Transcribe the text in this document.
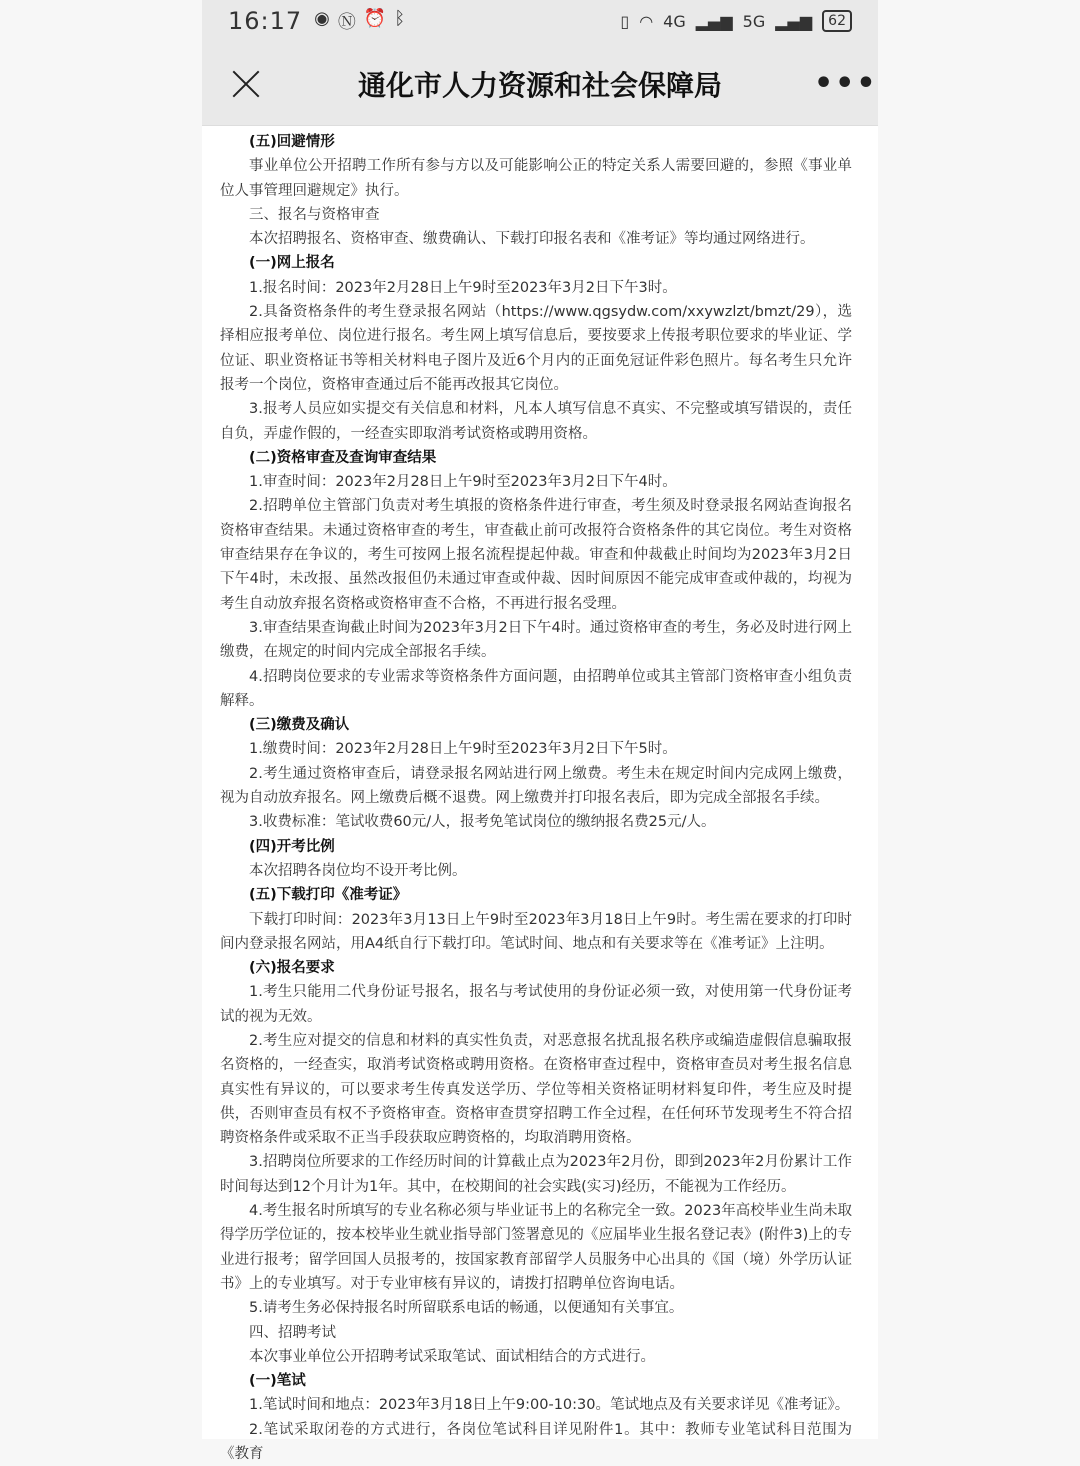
16:17 ◉ Ⓝ ⏰ ᛒ	▯ ◠ 4G ▂▄▆ 5G ▂▄▆	62
通化市人力资源和社会保障局	•••

(五)回避情形

事业单位公开招聘工作所有参与方以及可能影响公正的特定关系人需要回避的，参照《事业单位人事管理回避规定》执行。

三、报名与资格审查

本次招聘报名、资格审查、缴费确认、下载打印报名表和《准考证》等均通过网络进行。

(一)网上报名

1.报名时间：2023年2月28日上午9时至2023年3月2日下午3时。

2.具备资格条件的考生登录报名网站（https://www.qgsydw.com/xxywzlzt/bmzt/29），选择相应报考单位、岗位进行报名。考生网上填写信息后，要按要求上传报考职位要求的毕业证、学位证、职业资格证书等相关材料电子图片及近6个月内的正面免冠证件彩色照片。每名考生只允许报考一个岗位，资格审查通过后不能再改报其它岗位。

3.报考人员应如实提交有关信息和材料，凡本人填写信息不真实、不完整或填写错误的，责任自负，弄虚作假的，一经查实即取消考试资格或聘用资格。

(二)资格审查及查询审查结果

1.审查时间：2023年2月28日上午9时至2023年3月2日下午4时。

2.招聘单位主管部门负责对考生填报的资格条件进行审查，考生须及时登录报名网站查询报名资格审查结果。未通过资格审查的考生，审查截止前可改报符合资格条件的其它岗位。考生对资格审查结果存在争议的，考生可按网上报名流程提起仲裁。审查和仲裁截止时间均为2023年3月2日下午4时，未改报、虽然改报但仍未通过审查或仲裁、因时间原因不能完成审查或仲裁的，均视为考生自动放弃报名资格或资格审查不合格，不再进行报名受理。

3.审查结果查询截止时间为2023年3月2日下午4时。通过资格审查的考生，务必及时进行网上缴费，在规定的时间内完成全部报名手续。

4.招聘岗位要求的专业需求等资格条件方面问题，由招聘单位或其主管部门资格审查小组负责解释。

(三)缴费及确认

1.缴费时间：2023年2月28日上午9时至2023年3月2日下午5时。

2.考生通过资格审查后，请登录报名网站进行网上缴费。考生未在规定时间内完成网上缴费，视为自动放弃报名。网上缴费后概不退费。网上缴费并打印报名表后，即为完成全部报名手续。

3.收费标准：笔试收费60元/人，报考免笔试岗位的缴纳报名费25元/人。

(四)开考比例

本次招聘各岗位均不设开考比例。

(五)下载打印《准考证》

下载打印时间：2023年3月13日上午9时至2023年3月18日上午9时。考生需在要求的打印时间内登录报名网站，用A4纸自行下载打印。笔试时间、地点和有关要求等在《准考证》上注明。

(六)报名要求

1.考生只能用二代身份证号报名，报名与考试使用的身份证必须一致，对使用第一代身份证考试的视为无效。

2.考生应对提交的信息和材料的真实性负责，对恶意报名扰乱报名秩序或编造虚假信息骗取报名资格的，一经查实，取消考试资格或聘用资格。在资格审查过程中，资格审查员对考生报名信息真实性有异议的，可以要求考生传真发送学历、学位等相关资格证明材料复印件，考生应及时提供，否则审查员有权不予资格审查。资格审查贯穿招聘工作全过程，在任何环节发现考生不符合招聘资格条件或采取不正当手段获取应聘资格的，均取消聘用资格。

3.招聘岗位所要求的工作经历时间的计算截止点为2023年2月份，即到2023年2月份累计工作时间每达到12个月计为1年。其中，在校期间的社会实践(实习)经历，不能视为工作经历。

4.考生报名时所填写的专业名称必须与毕业证书上的名称完全一致。2023年高校毕业生尚未取得学历学位证的，按本校毕业生就业指导部门签署意见的《应届毕业生报名登记表》(附件3)上的专业进行报考；留学回国人员报考的，按国家教育部留学人员服务中心出具的《国（境）外学历认证书》上的专业填写。对于专业审核有异议的，请拨打招聘单位咨询电话。

5.请考生务必保持报名时所留联系电话的畅通，以便通知有关事宜。

四、招聘考试

本次事业单位公开招聘考试采取笔试、面试相结合的方式进行。

(一)笔试

1.笔试时间和地点：2023年3月18日上午9:00-10:30。笔试地点及有关要求详见《准考证》。

2.笔试采取闭卷的方式进行，各岗位笔试科目详见附件1。其中：教师专业笔试科目范围为《教育
